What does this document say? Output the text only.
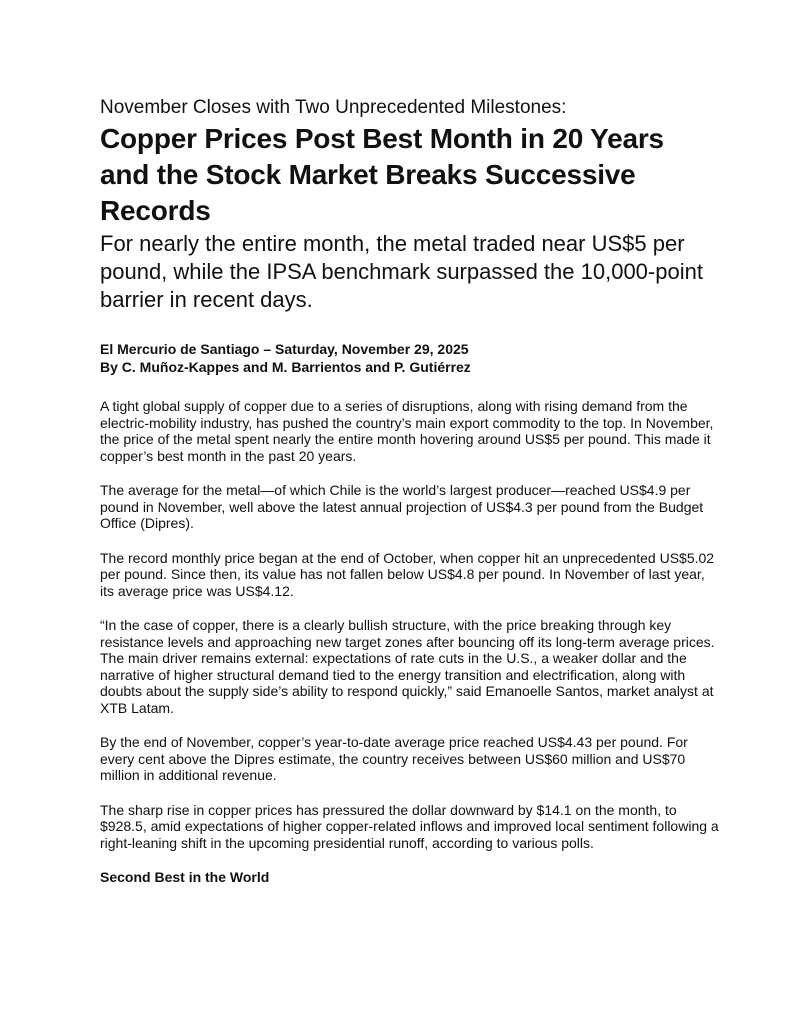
November Closes with Two Unprecedented Milestones:

Copper Prices Post Best Month in 20 Years and the Stock Market Breaks Successive Records

For nearly the entire month, the metal traded near US$5 per pound, while the IPSA benchmark surpassed the 10,000-point barrier in recent days.

El Mercurio de Santiago – Saturday, November 29, 2025

By C. Muñoz-Kappes and M. Barrientos and P. Gutiérrez

A tight global supply of copper due to a series of disruptions, along with rising demand from the electric-mobility industry, has pushed the country’s main export commodity to the top. In November, the price of the metal spent nearly the entire month hovering around US$5 per pound. This made it copper’s best month in the past 20 years.

The average for the metal—of which Chile is the world’s largest producer—reached US$4.9 per pound in November, well above the latest annual projection of US$4.3 per pound from the Budget Office (Dipres).

The record monthly price began at the end of October, when copper hit an unprecedented US$5.02 per pound. Since then, its value has not fallen below US$4.8 per pound. In November of last year, its average price was US$4.12.

“In the case of copper, there is a clearly bullish structure, with the price breaking through key resistance levels and approaching new target zones after bouncing off its long-term average prices. The main driver remains external: expectations of rate cuts in the U.S., a weaker dollar and the narrative of higher structural demand tied to the energy transition and electrification, along with doubts about the supply side’s ability to respond quickly,” said Emanoelle Santos, market analyst at XTB Latam.

By the end of November, copper’s year-to-date average price reached US$4.43 per pound. For every cent above the Dipres estimate, the country receives between US$60 million and US$70 million in additional revenue.

The sharp rise in copper prices has pressured the dollar downward by $14.1 on the month, to $928.5, amid expectations of higher copper-related inflows and improved local sentiment following a right-leaning shift in the upcoming presidential runoff, according to various polls.

Second Best in the World
